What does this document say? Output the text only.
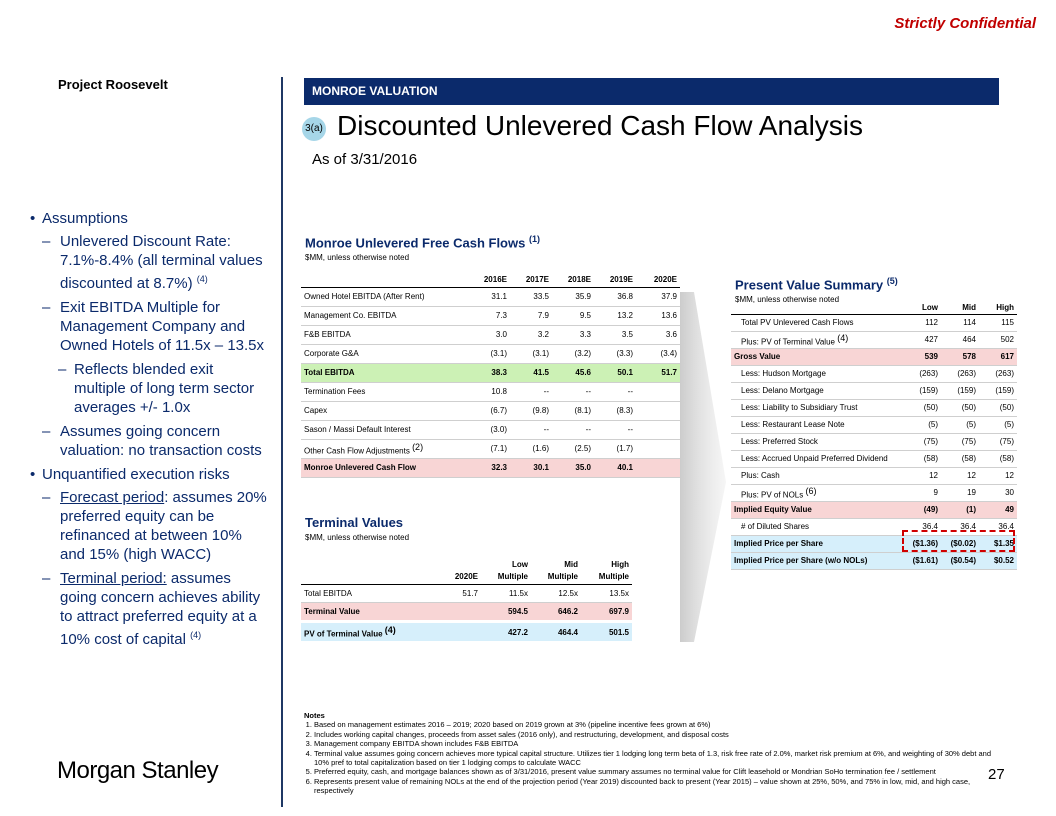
Strictly Confidential
Project Roosevelt	MONROE VALUATION
3(a) Discounted Unlevered Cash Flow Analysis
As of 3/31/2016
• Assumptions
– Unlevered Discount Rate: 7.1%-8.4% (all terminal values discounted at 8.7%) $^{(4)}$
– Exit EBITDA Multiple for Management Company and Owned Hotels of 11.5x – 13.5x
– Reflects blended exit multiple of long term sector averages +/- 1.0x
– Assumes going concern valuation: no transaction costs
• Unquantified execution risks
– Forecast period: assumes 20% preferred equity can be refinanced at between 10% and 15% (high WACC)
– Terminal period: assumes going concern achieves ability to attract preferred equity at a 10% cost of capital $^{(4)}$
Monroe Unlevered Free Cash Flows $^{(1)}$
$MM, unless otherwise noted
	2016E	2017E	2018E	2019E	2020E
Owned Hotel EBITDA (After Rent)	31.1	33.5	35.9	36.8	37.9
Management Co. EBITDA	7.3	7.9	9.5	13.2	13.6
F&B EBITDA	3.0	3.2	3.3	3.5	3.6
Corporate G&A	(3.1)	(3.1)	(3.2)	(3.3)	(3.4)
Total EBITDA	38.3	41.5	45.6	50.1	51.7
Termination Fees	10.8	--	--	--	
Capex	(6.7)	(9.8)	(8.1)	(8.3)	
Sason / Massi Default Interest	(3.0)	--	--	--	
Other Cash Flow Adjustments $^{(2)}$	(7.1)	(1.6)	(2.5)	(1.7)	
Monroe Unlevered Cash Flow	32.3	30.1	35.0	40.1	
Terminal Values
$MM, unless otherwise noted
		Low	Mid	High
	2020E	Multiple	Multiple	Multiple
Total EBITDA	51.7	11.5x	12.5x	13.5x
Terminal Value		594.5	646.2	697.9

PV of Terminal Value $^{(4)}$		427.2	464.4	501.5
Present Value Summary $^{(5)}$
$MM, unless otherwise noted
	Low	Mid	High
Total PV Unlevered Cash Flows	112	114	115
Plus: PV of Terminal Value $^{(4)}$	427	464	502
Gross Value	539	578	617
Less: Hudson Mortgage	(263)	(263)	(263)
Less: Delano Mortgage	(159)	(159)	(159)
Less: Liability to Subsidiary Trust	(50)	(50)	(50)
Less: Restaurant Lease Note	(5)	(5)	(5)
Less: Preferred Stock	(75)	(75)	(75)
Less: Accrued Unpaid Preferred Dividend	(58)	(58)	(58)
Plus: Cash	12	12	12
Plus: PV of NOLs $^{(6)}$	9	19	30
Implied Equity Value	(49)	(1)	49
# of Diluted Shares	36.4	36.4	36.4
Implied Price per Share	($1.36)	($0.02)	$1.35
Implied Price per Share (w/o NOLs)	($1.61)	($0.54)	$0.52
Notes
1. Based on management estimates 2016 – 2019; 2020 based on 2019 grown at 3% (pipeline incentive fees grown at 6%)
2. Includes working capital changes, proceeds from asset sales (2016 only), and restructuring, development, and disposal costs
3. Management company EBITDA shown includes F&B EBITDA
4. Terminal value assumes going concern achieves more typical capital structure. Utilizes tier 1 lodging long term beta of 1.3, risk free rate of 2.0%, market risk premium at 6%, and weighting of 30% debt and 10% pref to total capitalization based on tier 1 lodging comps to calculate WACC
5. Preferred equity, cash, and mortgage balances shown as of 3/31/2016, present value summary assumes no terminal value for Clift leasehold or Mondrian SoHo termination fee / settlement
6. Represents present value of remaining NOLs at the end of the projection period (Year 2019) discounted back to present (Year 2015) – value shown at 25%, 50%, and 75% in low, mid, and high case, respectively
Morgan Stanley	27
